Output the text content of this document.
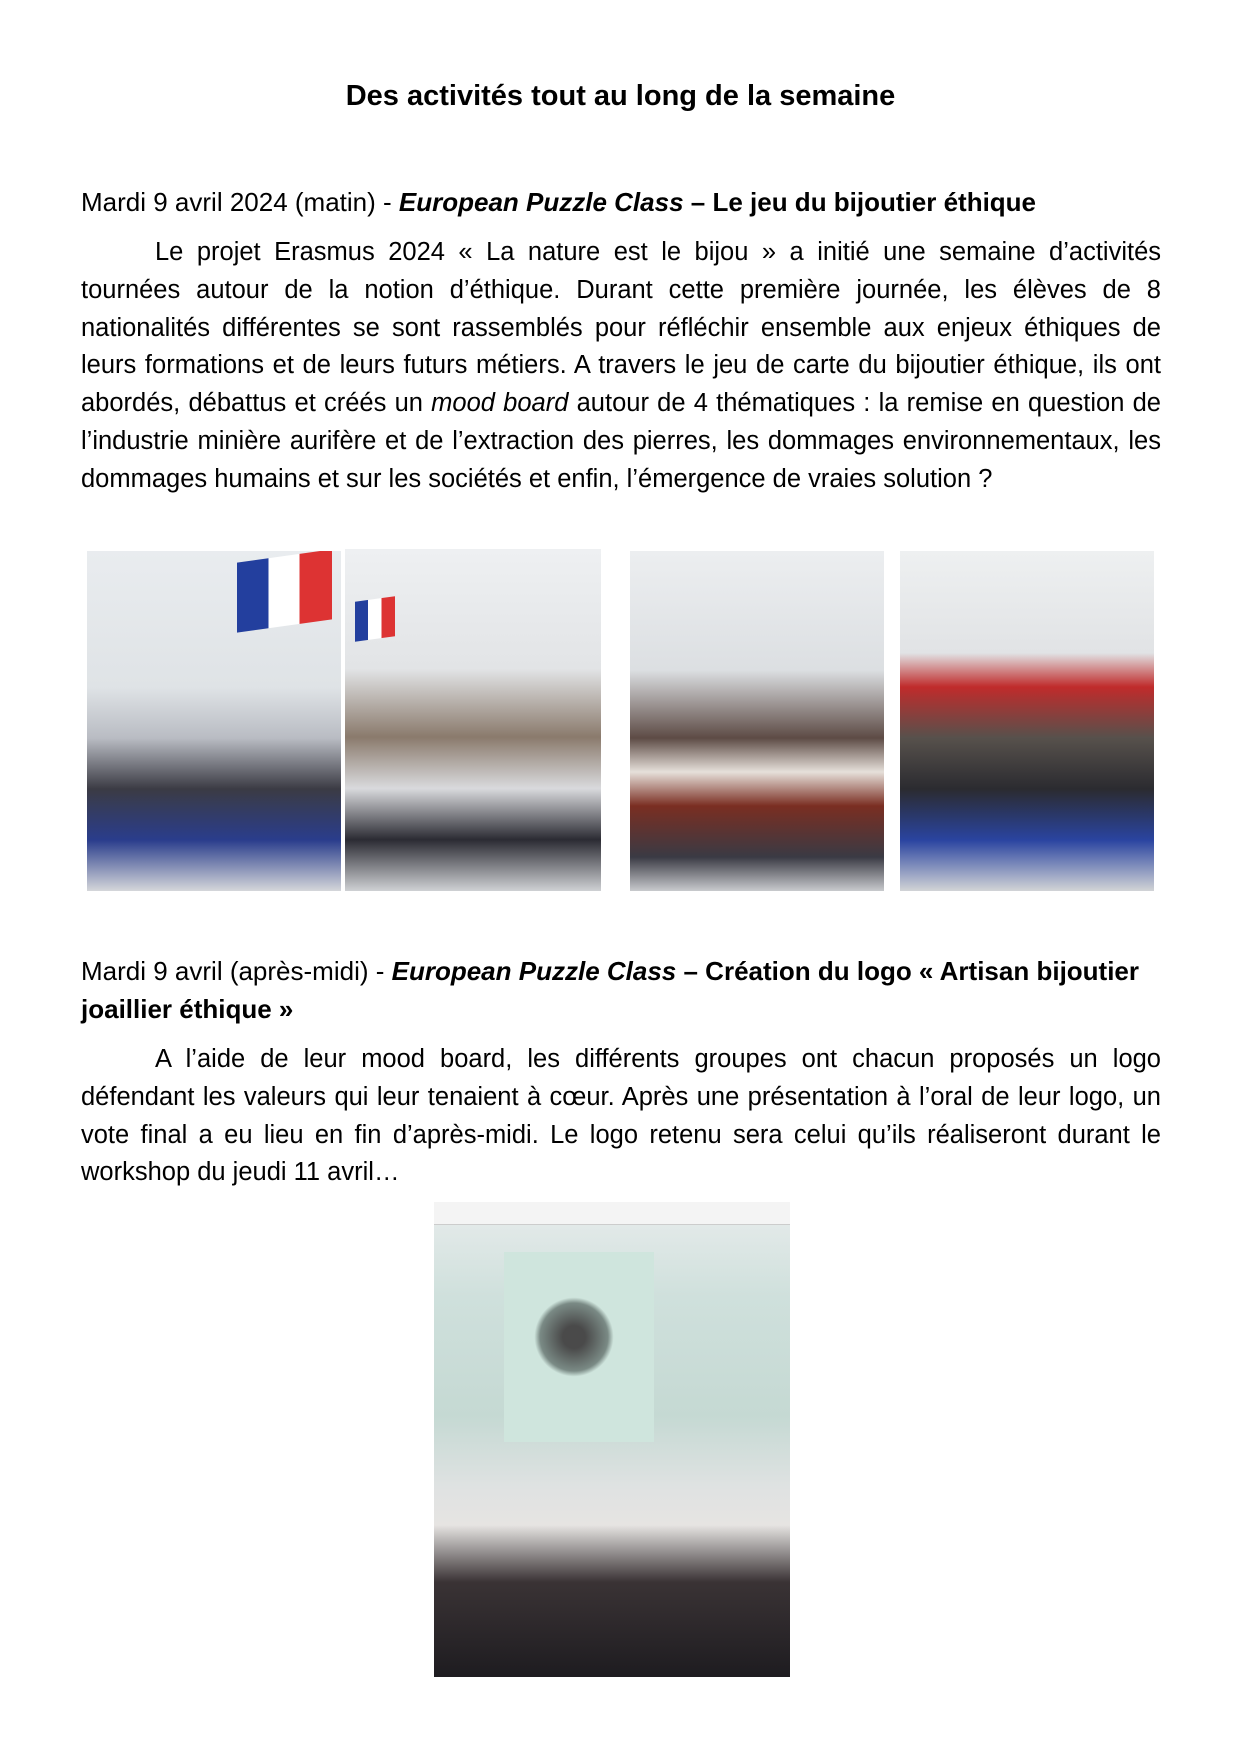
Des activités tout au long de la semaine
Mardi 9 avril 2024 (matin) - European Puzzle Class – Le jeu du bijoutier éthique
Le projet Erasmus 2024 « La nature est le bijou » a initié une semaine d’activités tournées autour de la notion d’éthique. Durant cette première journée, les élèves de 8 nationalités différentes se sont rassemblés pour réfléchir ensemble aux enjeux éthiques de leurs formations et de leurs futurs métiers. A travers le jeu de carte du bijoutier éthique, ils ont abordés, débattus et créés un mood board autour de 4 thématiques : la remise en question de l’industrie minière aurifère et de l’extraction des pierres, les dommages environnementaux, les dommages humains et sur les sociétés et enfin, l’émergence de vraies solution ?
Mardi 9 avril (après-midi) - European Puzzle Class – Création du logo « Artisan bijoutier joaillier éthique »
A l’aide de leur mood board, les différents groupes ont chacun proposés un logo défendant les valeurs qui leur tenaient à cœur. Après une présentation à l’oral de leur logo, un vote final a eu lieu en fin d’après-midi. Le logo retenu sera celui qu’ils réaliseront durant le workshop du jeudi 11 avril…
